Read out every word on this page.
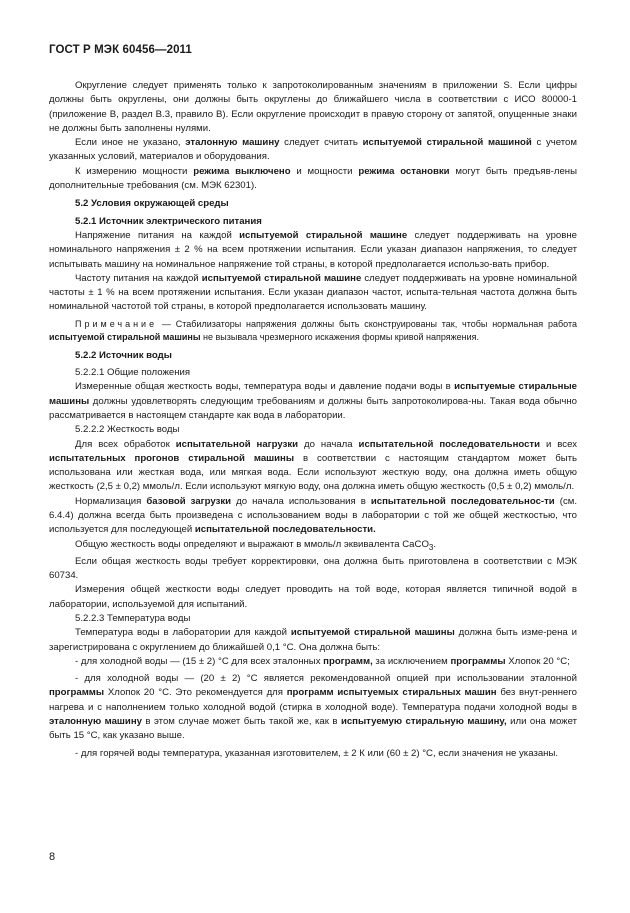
ГОСТ Р МЭК 60456—2011

Округление следует применять только к запротоколированным значениям в приложении S. Если цифры должны быть округлены, они должны быть округлены до ближайшего числа в соответствии с ИСО 80000-1 (приложение В, раздел В.3, правило В). Если округление происходит в правую сторону от запятой, опущенные знаки не должны быть заполнены нулями.

Если иное не указано, эталонную машину следует считать испытуемой стиральной машиной с учетом указанных условий, материалов и оборудования.

К измерению мощности режима выключено и мощности режима остановки могут быть предъяв-лены дополнительные требования (см. МЭК 62301).

5.2 Условия окружающей среды

5.2.1 Источник электрического питания

Напряжение питания на каждой испытуемой стиральной машине следует поддерживать на уровне номинального напряжения ± 2 % на всем протяжении испытания. Если указан диапазон напряжения, то следует испытывать машину на номинальное напряжение той страны, в которой предполагается использо-вать прибор.

Частоту питания на каждой испытуемой стиральной машине следует поддерживать на уровне номинальной частоты ± 1 % на всем протяжении испытания. Если указан диапазон частот, испыта-тельная частота должна быть номинальной частотой той страны, в которой предполагается использовать машину.

Примечание — Стабилизаторы напряжения должны быть сконструированы так, чтобы нормальная работа испытуемой стиральной машины не вызывала чрезмерного искажения формы кривой напряжения.

5.2.2 Источник воды

5.2.2.1 Общие положения

Измеренные общая жесткость воды, температура воды и давление подачи воды в испытуемые стиральные машины должны удовлетворять следующим требованиям и должны быть запротоколирова-ны. Такая вода обычно рассматривается в настоящем стандарте как вода в лаборатории.

5.2.2.2 Жесткость воды

Для всех обработок испытательной нагрузки до начала испытательной последовательности и всех испытательных прогонов стиральной машины в соответствии с настоящим стандартом может быть использована или жесткая вода, или мягкая вода. Если используют жесткую воду, она должна иметь общую жесткость (2,5 ± 0,2) ммоль/л. Если используют мягкую воду, она должна иметь общую жесткость (0,5 ± 0,2) ммоль/л.

Нормализация базовой загрузки до начала использования в испытательной последовательнос-ти (см. 6.4.4) должна всегда быть произведена с использованием воды в лаборатории с той же общей жесткостью, что используется для последующей испытательной последовательности.

Общую жесткость воды определяют и выражают в ммоль/л эквивалента CaCO$_3$.

Если общая жесткость воды требует корректировки, она должна быть приготовлена в соответствии с МЭК 60734.

Измерения общей жесткости воды следует проводить на той воде, которая является типичной водой в лаборатории, используемой для испытаний.

5.2.2.3 Температура воды

Температура воды в лаборатории для каждой испытуемой стиральной машины должна быть изме-рена и зарегистрирована с округлением до ближайшей 0,1 °С. Она должна быть:

- для холодной воды — (15 ± 2) °С для всех эталонных программ, за исключением программы Хлопок 20 °С;

- для холодной воды — (20 ± 2) °С является рекомендованной опцией при использовании эталонной программы Хлопок 20 °С. Это рекомендуется для программ испытуемых стиральных машин без внут-реннего нагрева и с наполнением только холодной водой (стирка в холодной воде). Температура подачи холодной воды в эталонную машину в этом случае может быть такой же, как в испытуемую стиральную машину, или она может быть 15 °С, как указано выше.

- для горячей воды температура, указанная изготовителем, ± 2 К или (60 ± 2) °С, если значения не указаны.

8
